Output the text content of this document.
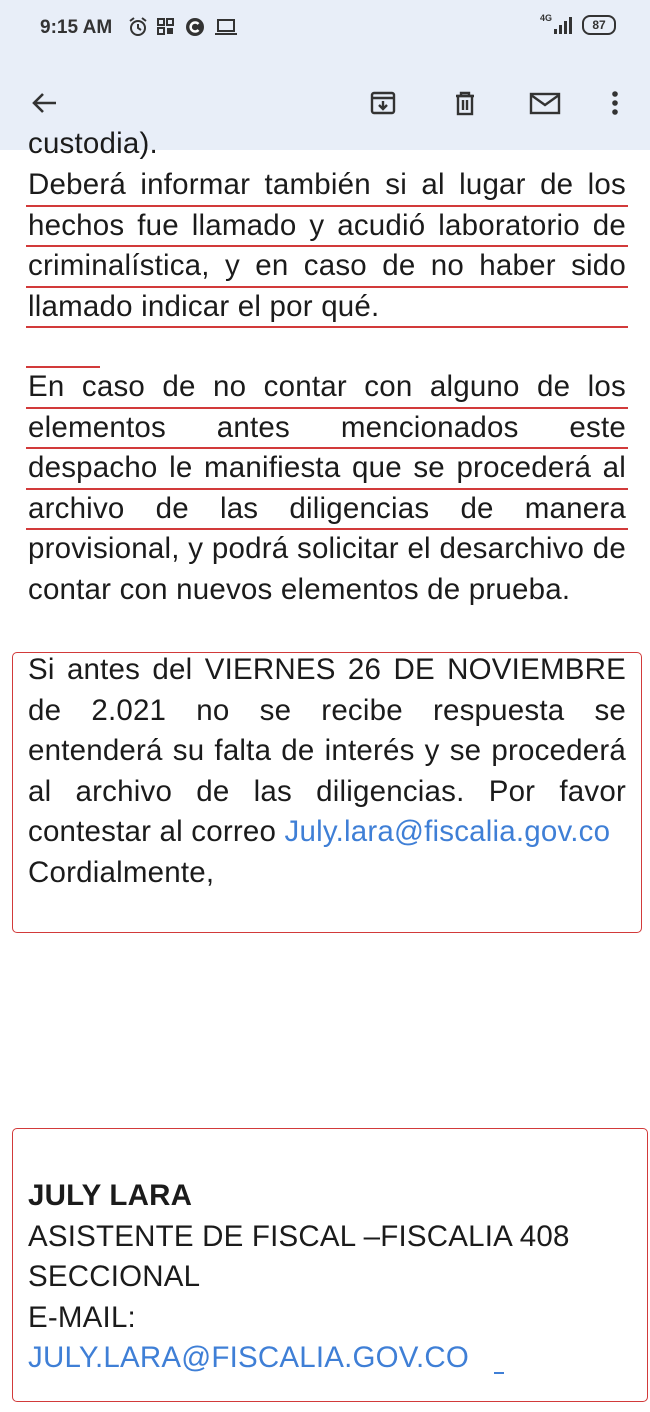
9:15 AM	4G	87
custodia).
Deberá informar también si al lugar de los hechos fue llamado y acudió laboratorio de criminalística, y en caso de no haber sido llamado indicar el por qué.
En caso de no contar con alguno de los elementos antes mencionados este despacho le manifiesta que se procederá al archivo de las diligencias de manera provisional, y podrá solicitar el desarchivo de contar con nuevos elementos de prueba.
Si antes del VIERNES 26 DE NOVIEMBRE de 2.021 no se recibe respuesta se entenderá su falta de interés y se procederá al archivo de las diligencias. Por favor contestar al correo July.lara@fiscalia.gov.co
Cordialmente,
JULY LARA
ASISTENTE DE FISCAL –FISCALIA 408 SECCIONAL
E-MAIL:
JULY.LARA@FISCALIA.GOV.CO
